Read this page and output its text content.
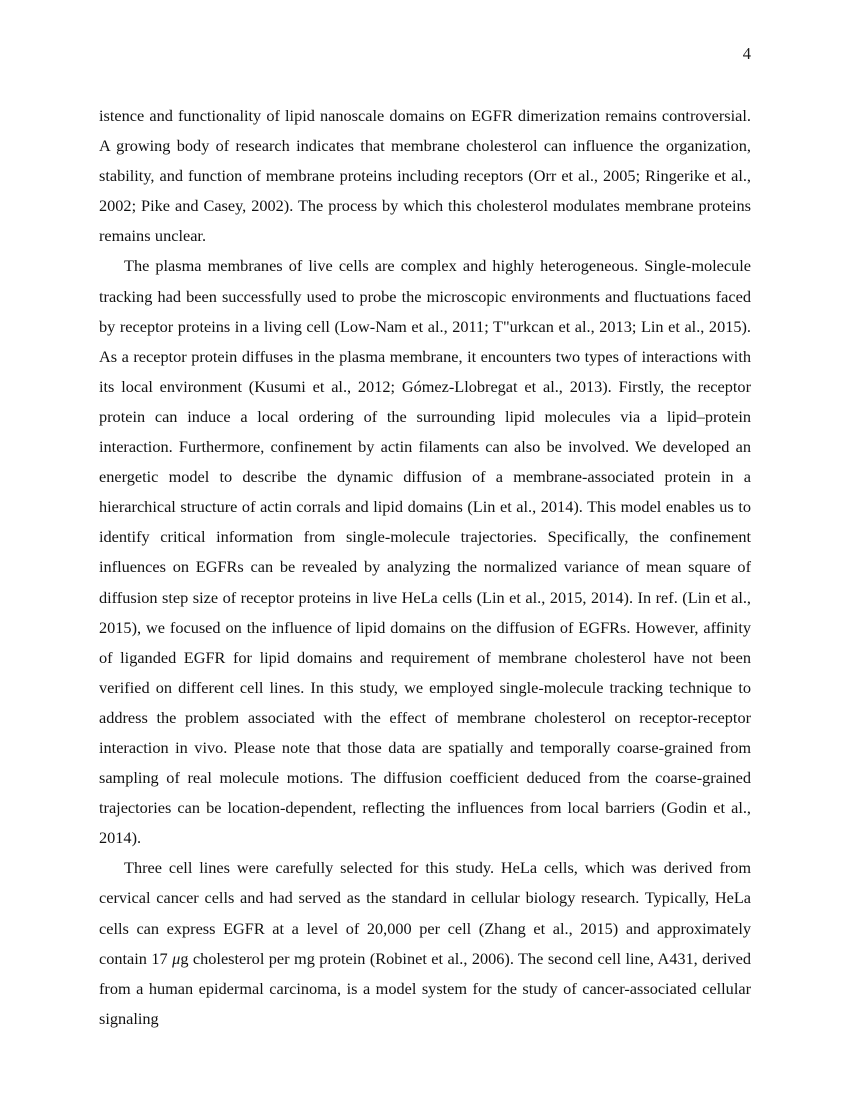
4

istence and functionality of lipid nanoscale domains on EGFR dimerization remains controversial. A growing body of research indicates that membrane cholesterol can influence the organization, stability, and function of membrane proteins including receptors (Orr et al., 2005; Ringerike et al., 2002; Pike and Casey, 2002). The process by which this cholesterol modulates membrane proteins remains unclear.

The plasma membranes of live cells are complex and highly heterogeneous. Single-molecule tracking had been successfully used to probe the microscopic environments and fluctuations faced by receptor proteins in a living cell (Low-Nam et al., 2011; T"urkcan et al., 2013; Lin et al., 2015). As a receptor protein diffuses in the plasma membrane, it encounters two types of interactions with its local environment (Kusumi et al., 2012; Gómez-Llobregat et al., 2013). Firstly, the receptor protein can induce a local ordering of the surrounding lipid molecules via a lipid–protein interaction. Furthermore, confinement by actin filaments can also be involved. We developed an energetic model to describe the dynamic diffusion of a membrane-associated protein in a hierarchical structure of actin corrals and lipid domains (Lin et al., 2014). This model enables us to identify critical information from single-molecule trajectories. Specifically, the confinement influences on EGFRs can be revealed by analyzing the normalized variance of mean square of diffusion step size of receptor proteins in live HeLa cells (Lin et al., 2015, 2014). In ref. (Lin et al., 2015), we focused on the influence of lipid domains on the diffusion of EGFRs. However, affinity of liganded EGFR for lipid domains and requirement of membrane cholesterol have not been verified on different cell lines. In this study, we employed single-molecule tracking technique to address the problem associated with the effect of membrane cholesterol on receptor-receptor interaction in vivo. Please note that those data are spatially and temporally coarse-grained from sampling of real molecule motions. The diffusion coefficient deduced from the coarse-grained trajectories can be location-dependent, reflecting the influences from local barriers (Godin et al., 2014).

Three cell lines were carefully selected for this study. HeLa cells, which was derived from cervical cancer cells and had served as the standard in cellular biology research. Typically, HeLa cells can express EGFR at a level of 20,000 per cell (Zhang et al., 2015) and approximately contain 17 μg cholesterol per mg protein (Robinet et al., 2006). The second cell line, A431, derived from a human epidermal carcinoma, is a model system for the study of cancer-associated cellular signaling
